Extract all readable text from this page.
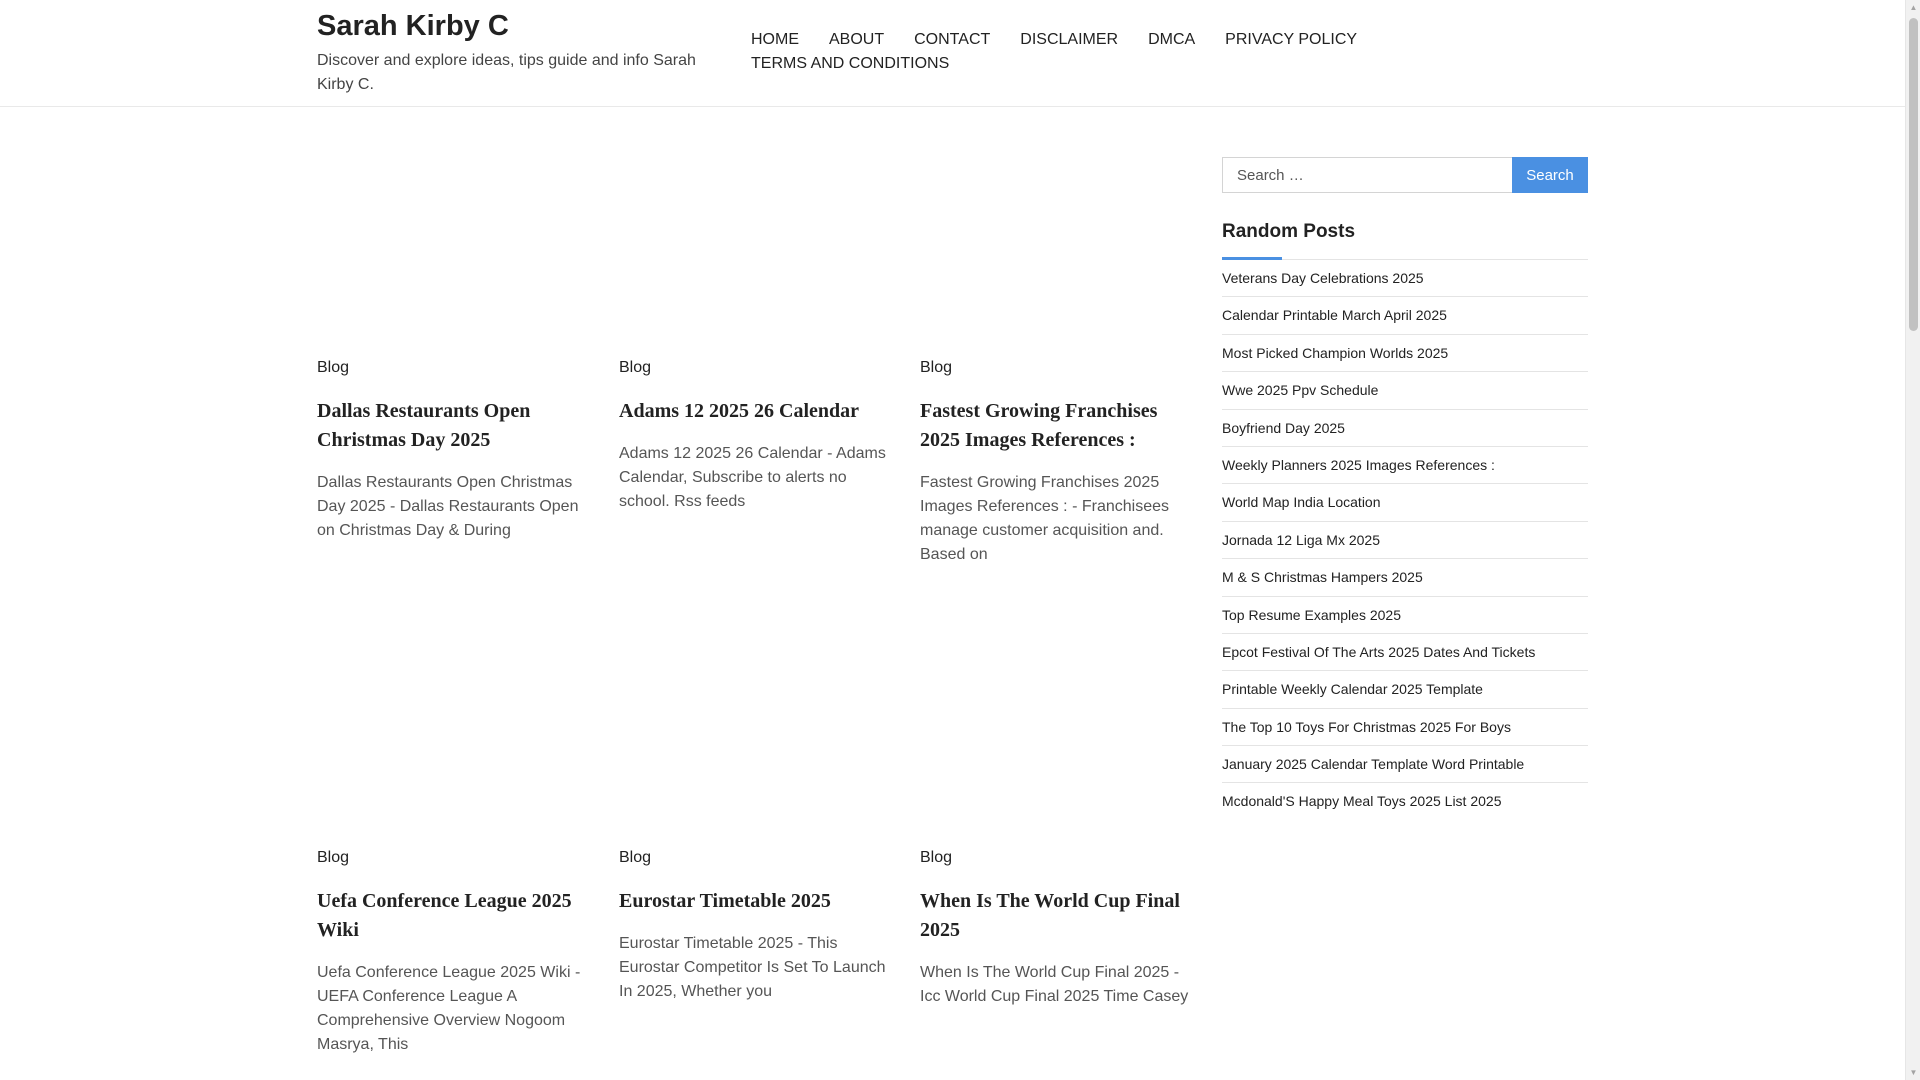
Sarah Kirby C
Discover and explore ideas, tips guide and info Sarah Kirby C.
HOME ABOUT CONTACT DISCLAIMER DMCA PRIVACY POLICY
TERMS AND CONDITIONS
Blog
Dallas Restaurants Open Christmas Day 2025

Dallas Restaurants Open Christmas Day 2025 - Dallas Restaurants Open on Christmas Day & During

Blog
Adams 12 2025 26 Calendar

Adams 12 2025 26 Calendar - Adams Calendar, Subscribe to alerts no school. Rss feeds

Blog
Fastest Growing Franchises 2025 Images References :

Fastest Growing Franchises 2025 Images References : - Franchisees manage customer acquisition and. Based on

Blog
Uefa Conference League 2025 Wiki

Uefa Conference League 2025 Wiki - UEFA Conference League A Comprehensive Overview Nogoom Masrya, This

Blog
Eurostar Timetable 2025

Eurostar Timetable 2025 - This Eurostar Competitor Is Set To Launch In 2025, Whether you

Blog
When Is The World Cup Final 2025

When Is The World Cup Final 2025 - Icc World Cup Final 2025 Time Casey

Search …
Search
Random Posts
Veterans Day Celebrations 2025
Calendar Printable March April 2025
Most Picked Champion Worlds 2025
Wwe 2025 Ppv Schedule
Boyfriend Day 2025
Weekly Planners 2025 Images References :
World Map India Location
Jornada 12 Liga Mx 2025
M & S Christmas Hampers 2025
Top Resume Examples 2025
Epcot Festival Of The Arts 2025 Dates And Tickets
Printable Weekly Calendar 2025 Template
The Top 10 Toys For Christmas 2025 For Boys
January 2025 Calendar Template Word Printable
Mcdonald'S Happy Meal Toys 2025 List 2025
▲
▼
